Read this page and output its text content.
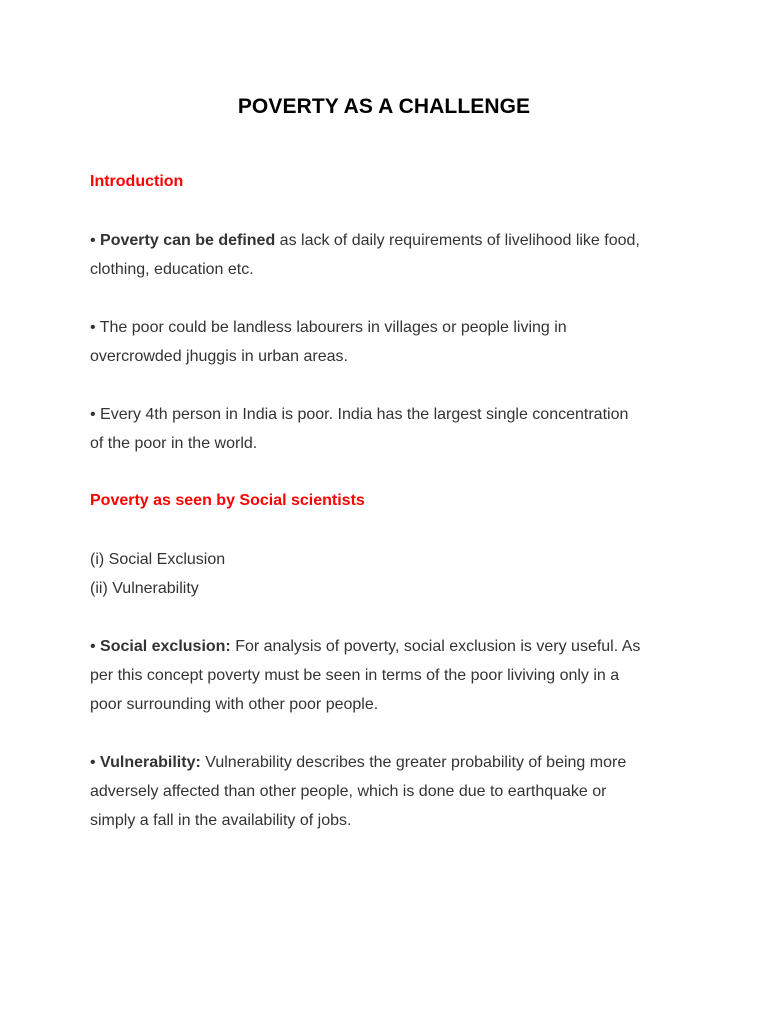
POVERTY AS A CHALLENGE
Introduction
• Poverty can be defined as lack of daily requirements of livelihood like food,
clothing, education etc.
• The poor could be landless labourers in villages or people living in
overcrowded jhuggis in urban areas.
• Every 4th person in India is poor. India has the largest single concentration
of the poor in the world.
Poverty as seen by Social scientists
(i) Social Exclusion
(ii) Vulnerability
• Social exclusion: For analysis of poverty, social exclusion is very useful. As
per this concept poverty must be seen in terms of the poor liviving only in a
poor surrounding with other poor people.
• Vulnerability: Vulnerability describes the greater probability of being more
adversely affected than other people, which is done due to earthquake or
simply a fall in the availability of jobs.
